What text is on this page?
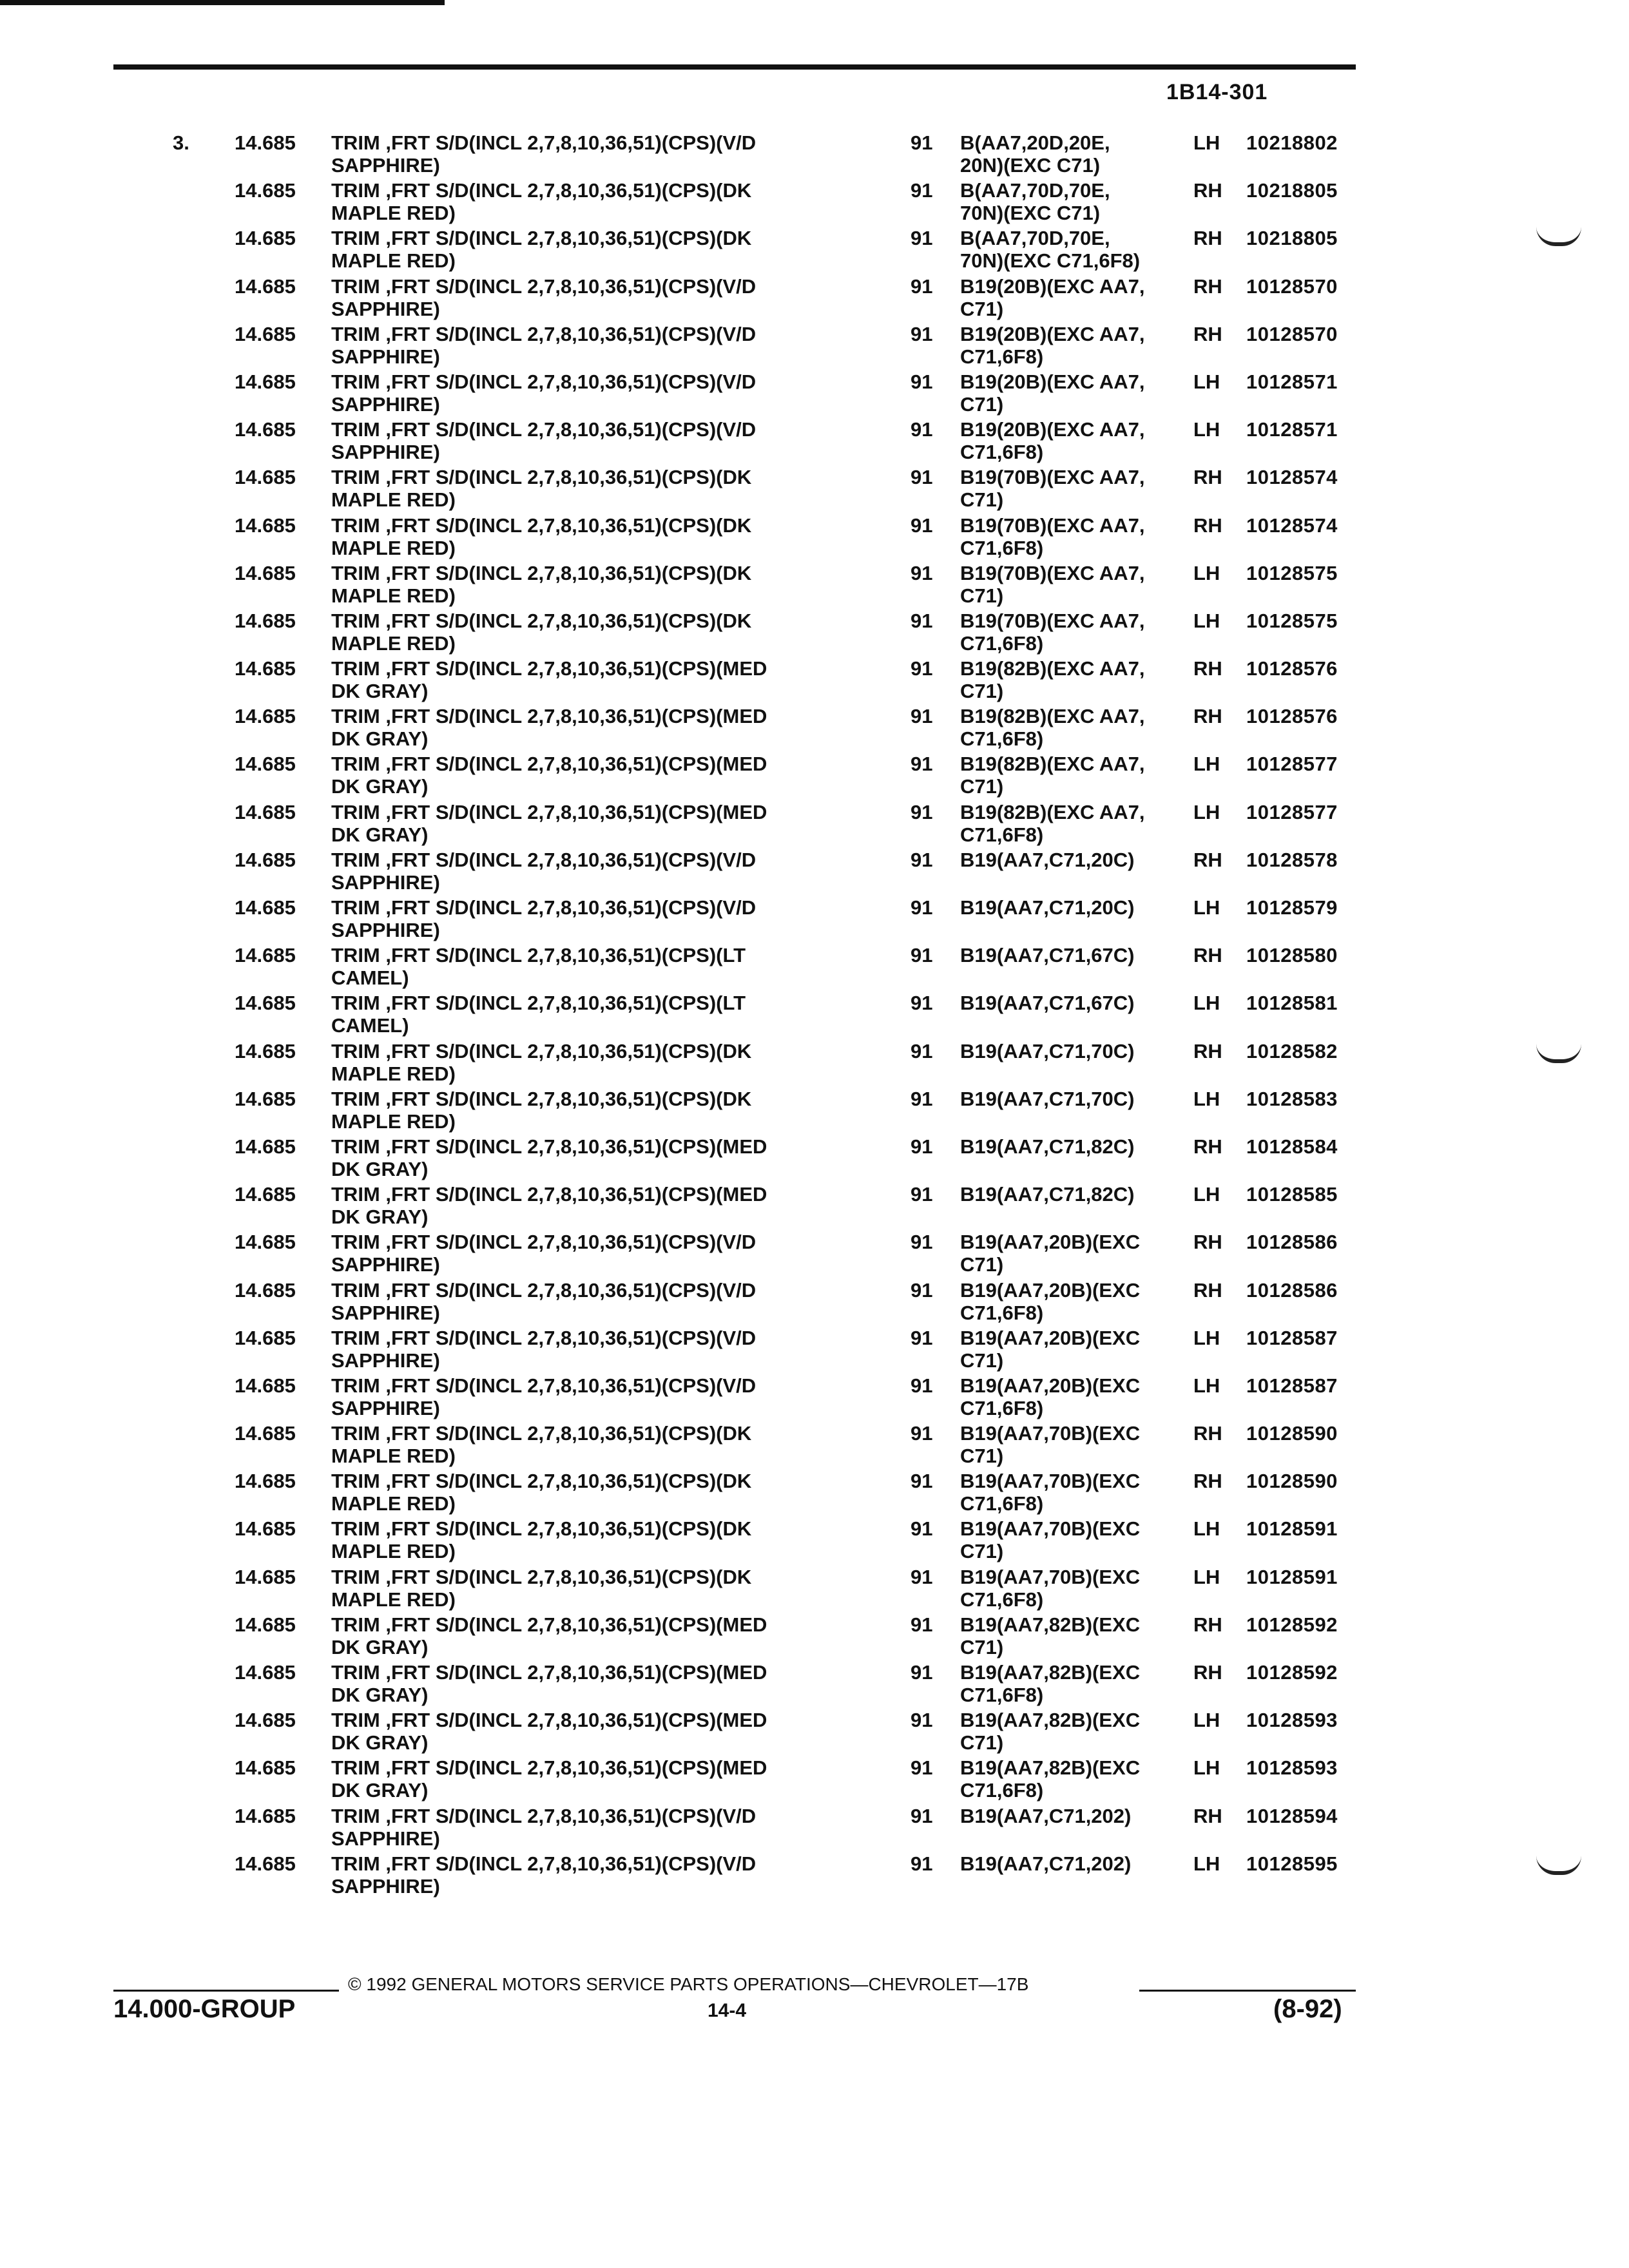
1B14-301
3. 14.685 TRIM ,FRT S/D(INCL 2,7,8,10,36,51)(CPS)(V/D
SAPPHIRE)
91 B(AA7,20D,20E,
20N)(EXC C71)
LH 10218802
14.685 TRIM ,FRT S/D(INCL 2,7,8,10,36,51)(CPS)(DK
MAPLE RED)
91 B(AA7,70D,70E,
70N)(EXC C71)
RH 10218805
14.685 TRIM ,FRT S/D(INCL 2,7,8,10,36,51)(CPS)(DK
MAPLE RED)
91 B(AA7,70D,70E,
70N)(EXC C71,6F8)
RH 10218805
14.685 TRIM ,FRT S/D(INCL 2,7,8,10,36,51)(CPS)(V/D
SAPPHIRE)
91 B19(20B)(EXC AA7,
C71)
RH 10128570
14.685 TRIM ,FRT S/D(INCL 2,7,8,10,36,51)(CPS)(V/D
SAPPHIRE)
91 B19(20B)(EXC AA7,
C71,6F8)
RH 10128570
14.685 TRIM ,FRT S/D(INCL 2,7,8,10,36,51)(CPS)(V/D
SAPPHIRE)
91 B19(20B)(EXC AA7,
C71)
LH 10128571
14.685 TRIM ,FRT S/D(INCL 2,7,8,10,36,51)(CPS)(V/D
SAPPHIRE)
91 B19(20B)(EXC AA7,
C71,6F8)
LH 10128571
14.685 TRIM ,FRT S/D(INCL 2,7,8,10,36,51)(CPS)(DK
MAPLE RED)
91 B19(70B)(EXC AA7,
C71)
RH 10128574
14.685 TRIM ,FRT S/D(INCL 2,7,8,10,36,51)(CPS)(DK
MAPLE RED)
91 B19(70B)(EXC AA7,
C71,6F8)
RH 10128574
14.685 TRIM ,FRT S/D(INCL 2,7,8,10,36,51)(CPS)(DK
MAPLE RED)
91 B19(70B)(EXC AA7,
C71)
LH 10128575
14.685 TRIM ,FRT S/D(INCL 2,7,8,10,36,51)(CPS)(DK
MAPLE RED)
91 B19(70B)(EXC AA7,
C71,6F8)
LH 10128575
14.685 TRIM ,FRT S/D(INCL 2,7,8,10,36,51)(CPS)(MED
DK GRAY)
91 B19(82B)(EXC AA7,
C71)
RH 10128576
14.685 TRIM ,FRT S/D(INCL 2,7,8,10,36,51)(CPS)(MED
DK GRAY)
91 B19(82B)(EXC AA7,
C71,6F8)
RH 10128576
14.685 TRIM ,FRT S/D(INCL 2,7,8,10,36,51)(CPS)(MED
DK GRAY)
91 B19(82B)(EXC AA7,
C71)
LH 10128577
14.685 TRIM ,FRT S/D(INCL 2,7,8,10,36,51)(CPS)(MED
DK GRAY)
91 B19(82B)(EXC AA7,
C71,6F8)
LH 10128577
14.685 TRIM ,FRT S/D(INCL 2,7,8,10,36,51)(CPS)(V/D
SAPPHIRE)
91 B19(AA7,C71,20C)	RH 10128578
14.685 TRIM ,FRT S/D(INCL 2,7,8,10,36,51)(CPS)(V/D
SAPPHIRE)
91 B19(AA7,C71,20C)	LH 10128579
14.685 TRIM ,FRT S/D(INCL 2,7,8,10,36,51)(CPS)(LT
CAMEL)
91 B19(AA7,C71,67C)	RH 10128580
14.685 TRIM ,FRT S/D(INCL 2,7,8,10,36,51)(CPS)(LT
CAMEL)
91 B19(AA7,C71,67C)	LH 10128581
14.685 TRIM ,FRT S/D(INCL 2,7,8,10,36,51)(CPS)(DK
MAPLE RED)
91 B19(AA7,C71,70C)	RH 10128582
14.685 TRIM ,FRT S/D(INCL 2,7,8,10,36,51)(CPS)(DK
MAPLE RED)
91 B19(AA7,C71,70C)	LH 10128583
14.685 TRIM ,FRT S/D(INCL 2,7,8,10,36,51)(CPS)(MED
DK GRAY)
91 B19(AA7,C71,82C)	RH 10128584
14.685 TRIM ,FRT S/D(INCL 2,7,8,10,36,51)(CPS)(MED
DK GRAY)
91 B19(AA7,C71,82C)	LH 10128585
14.685 TRIM ,FRT S/D(INCL 2,7,8,10,36,51)(CPS)(V/D
SAPPHIRE)
91 B19(AA7,20B)(EXC
C71)
RH 10128586
14.685 TRIM ,FRT S/D(INCL 2,7,8,10,36,51)(CPS)(V/D
SAPPHIRE)
91 B19(AA7,20B)(EXC
C71,6F8)
RH 10128586
14.685 TRIM ,FRT S/D(INCL 2,7,8,10,36,51)(CPS)(V/D
SAPPHIRE)
91 B19(AA7,20B)(EXC
C71)
LH 10128587
14.685 TRIM ,FRT S/D(INCL 2,7,8,10,36,51)(CPS)(V/D
SAPPHIRE)
91 B19(AA7,20B)(EXC
C71,6F8)
LH 10128587
14.685 TRIM ,FRT S/D(INCL 2,7,8,10,36,51)(CPS)(DK
MAPLE RED)
91 B19(AA7,70B)(EXC
C71)
RH 10128590
14.685 TRIM ,FRT S/D(INCL 2,7,8,10,36,51)(CPS)(DK
MAPLE RED)
91 B19(AA7,70B)(EXC
C71,6F8)
RH 10128590
14.685 TRIM ,FRT S/D(INCL 2,7,8,10,36,51)(CPS)(DK
MAPLE RED)
91 B19(AA7,70B)(EXC
C71)
LH 10128591
14.685 TRIM ,FRT S/D(INCL 2,7,8,10,36,51)(CPS)(DK
MAPLE RED)
91 B19(AA7,70B)(EXC
C71,6F8)
LH 10128591
14.685 TRIM ,FRT S/D(INCL 2,7,8,10,36,51)(CPS)(MED
DK GRAY)
91 B19(AA7,82B)(EXC
C71)
RH 10128592
14.685 TRIM ,FRT S/D(INCL 2,7,8,10,36,51)(CPS)(MED
DK GRAY)
91 B19(AA7,82B)(EXC
C71,6F8)
RH 10128592
14.685 TRIM ,FRT S/D(INCL 2,7,8,10,36,51)(CPS)(MED
DK GRAY)
91 B19(AA7,82B)(EXC
C71)
LH 10128593
14.685 TRIM ,FRT S/D(INCL 2,7,8,10,36,51)(CPS)(MED
DK GRAY)
91 B19(AA7,82B)(EXC
C71,6F8)
LH 10128593
14.685 TRIM ,FRT S/D(INCL 2,7,8,10,36,51)(CPS)(V/D
SAPPHIRE)
91 B19(AA7,C71,202)	RH 10128594
14.685 TRIM ,FRT S/D(INCL 2,7,8,10,36,51)(CPS)(V/D
SAPPHIRE)
91 B19(AA7,C71,202)	LH 10128595
© 1992 GENERAL MOTORS SERVICE PARTS OPERATIONS—CHEVROLET—17B
14.000-GROUP	14-4	(8-92)
